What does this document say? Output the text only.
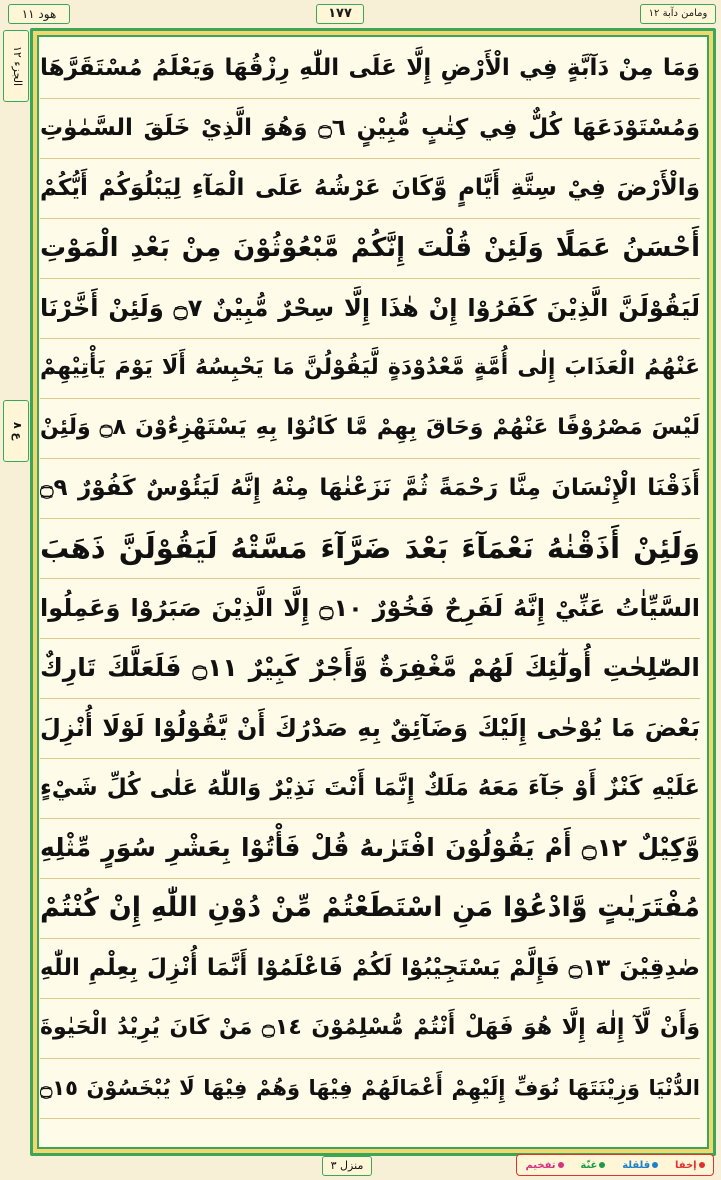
هود ١١	١٧٧	ومامن دآبة ١٢
الجزء ١٢
ع ٨
وَمَا مِنْ دَآبَّةٍ فِي الْأَرْضِ إِلَّا عَلَى اللّٰهِ رِزْقُهَا وَيَعْلَمُ مُسْتَقَرَّهَا
وَمُسْتَوْدَعَهَا كُلٌّ فِي كِتٰبٍ مُّبِيْنٍ ۝٦ وَهُوَ الَّذِيْ خَلَقَ السَّمٰوٰتِ
وَالْأَرْضَ فِيْ سِتَّةِ أَيَّامٍ وَّكَانَ عَرْشُهُ عَلَى الْمَآءِ لِيَبْلُوَكُمْ أَيُّكُمْ
أَحْسَنُ عَمَلًا وَلَئِنْ قُلْتَ إِنَّكُمْ مَّبْعُوْثُوْنَ مِنْ بَعْدِ الْمَوْتِ
لَيَقُوْلَنَّ الَّذِيْنَ كَفَرُوْا إِنْ هٰذَا إِلَّا سِحْرٌ مُّبِيْنٌ ۝٧ وَلَئِنْ أَخَّرْنَا
عَنْهُمُ الْعَذَابَ إِلٰى أُمَّةٍ مَّعْدُوْدَةٍ لَّيَقُوْلُنَّ مَا يَحْبِسُهُ أَلَا يَوْمَ يَأْتِيْهِمْ
لَيْسَ مَصْرُوْفًا عَنْهُمْ وَحَاقَ بِهِمْ مَّا كَانُوْا بِهِ يَسْتَهْزِءُوْنَ ۝٨ وَلَئِنْ
أَذَقْنَا الْإِنْسَانَ مِنَّا رَحْمَةً ثُمَّ نَزَعْنٰهَا مِنْهُ إِنَّهُ لَيَئُوْسٌ كَفُوْرٌ ۝٩
وَلَئِنْ أَذَقْنٰهُ نَعْمَآءَ بَعْدَ ضَرَّآءَ مَسَّتْهُ لَيَقُوْلَنَّ ذَهَبَ
السَّيِّاٰتُ عَنِّيْ إِنَّهُ لَفَرِحٌ فَخُوْرٌ ۝١٠ إِلَّا الَّذِيْنَ صَبَرُوْا وَعَمِلُوا
الصّٰلِحٰتِ أُولٰٓئِكَ لَهُمْ مَّغْفِرَةٌ وَّأَجْرٌ كَبِيْرٌ ۝١١ فَلَعَلَّكَ تَارِكٌ
بَعْضَ مَا يُوْحٰى إِلَيْكَ وَضَآئِقٌ بِهِ صَدْرُكَ أَنْ يَّقُوْلُوْا لَوْلَا أُنْزِلَ
عَلَيْهِ كَنْزٌ أَوْ جَآءَ مَعَهُ مَلَكٌ إِنَّمَا أَنْتَ نَذِيْرٌ وَاللّٰهُ عَلٰى كُلِّ شَيْءٍ
وَّكِيْلٌ ۝١٢ أَمْ يَقُوْلُوْنَ افْتَرٰىهُ قُلْ فَأْتُوْا بِعَشْرِ سُوَرٍ مِّثْلِهِ
مُفْتَرَيٰتٍ وَّادْعُوْا مَنِ اسْتَطَعْتُمْ مِّنْ دُوْنِ اللّٰهِ إِنْ كُنْتُمْ
صٰدِقِيْنَ ۝١٣ فَإِلَّمْ يَسْتَجِيْبُوْا لَكُمْ فَاعْلَمُوْا أَنَّمَا أُنْزِلَ بِعِلْمِ اللّٰهِ
وَأَنْ لَّآ إِلٰهَ إِلَّا هُوَ فَهَلْ أَنْتُمْ مُّسْلِمُوْنَ ۝١٤ مَنْ كَانَ يُرِيْدُ الْحَيٰوةَ
الدُّنْيَا وَزِيْنَتَهَا نُوَفِّ إِلَيْهِمْ أَعْمَالَهُمْ فِيْهَا وَهُمْ فِيْهَا لَا يُبْخَسُوْنَ ۝١٥
منزل ٣	إخفا
قلقلة
غنّة
تفخيم
